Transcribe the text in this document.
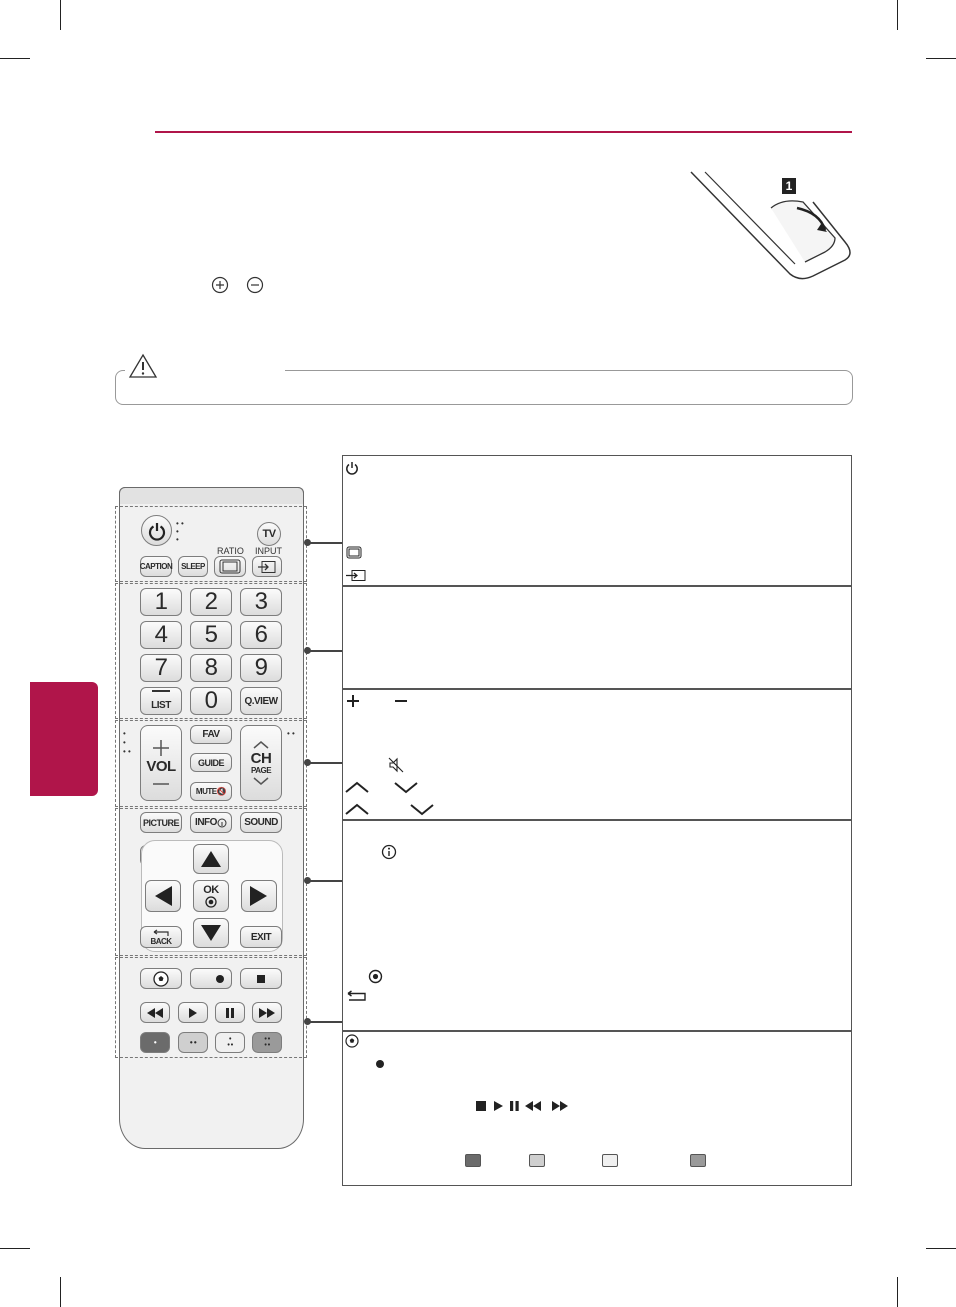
1
• •
•
•	TV
RATIO INPUT
CAPTION	SLEEP
1	2	3
4	5	6
7	8	9
LIST	0	Q.VIEW
•
•
• •
VOL
FAV
GUIDE
MUTE 🔇
• •
CH
PAGE
PICTURE	INFO	SOUND
OK
BACK	EXIT
•	• •	•
• •
• •
• •
